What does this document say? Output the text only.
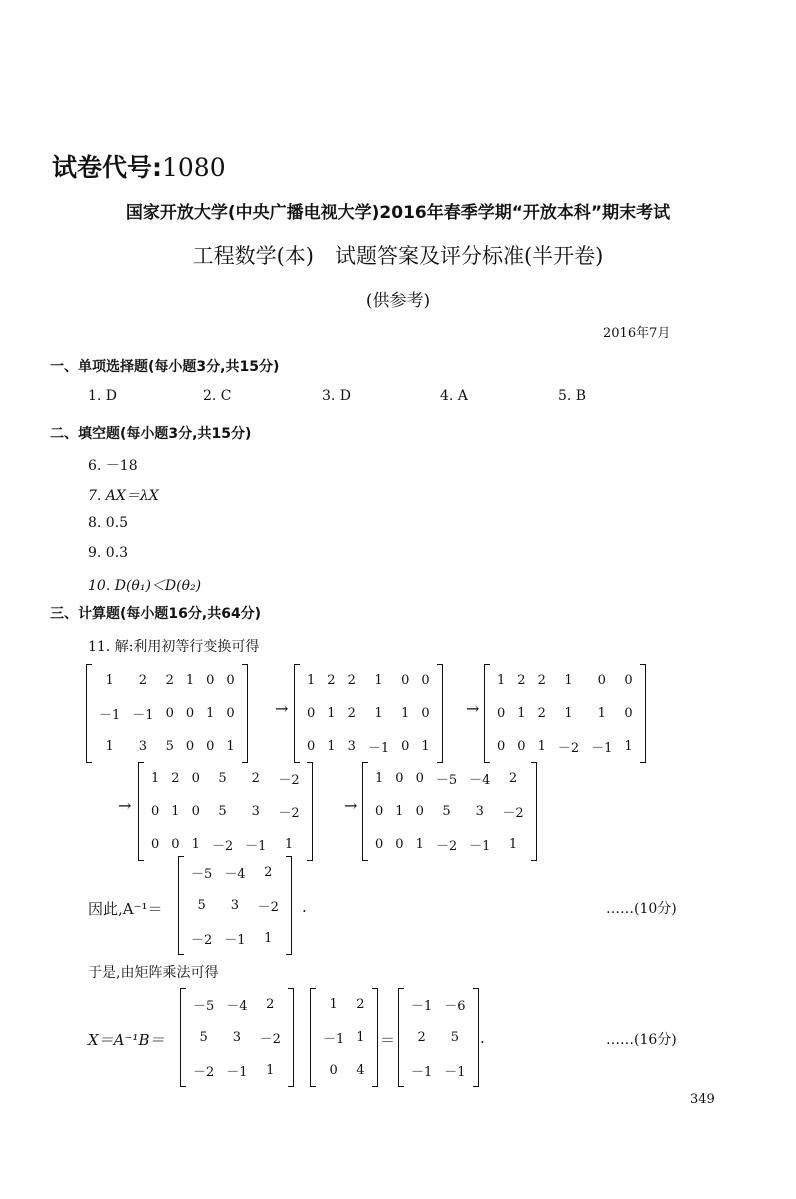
试卷代号:1080
国家开放大学(中央广播电视大学)2016年春季学期“开放本科”期末考试
工程数学(本)　试题答案及评分标准(半开卷)
(供参考)
2016年7月
一、单项选择题(每小题3分,共15分)
1. D	2. C	3. D	4. A	5. B
二、填空题(每小题3分,共15分)
6. －18
7. AX＝λX
8. 0.5
9. 0.3
10. D(θ₁)＜D(θ₂)
三、计算题(每小题16分,共64分)
11. 解:利用初等行变换可得
1	2	2	1	0	0
－1	－1	0	0	1	0
1	3	5	0	0	1
→
1	2	2	1	0	0
0	1	2	1	1	0
0	1	3	－1	0	1
→
1	2	2	1	0	0
0	1	2	1	1	0
0	0	1	－2	－1	1
→
1	2	0	5	2	－2
0	1	0	5	3	－2
0	0	1	－2	－1	1
→
1	0	0	－5	－4	2
0	1	0	5	3	－2
0	0	1	－2	－1	1
因此,A⁻¹＝
－5	－4	2
5	3	－2
－2	－1	1
.	……(10分)
于是,由矩阵乘法可得
X＝A⁻¹B＝
－5	－4	2
5	3	－2
－2	－1	1
1	2
－1	1
0	4
＝
－1	－6
2	5
－1	－1
.	……(16分)
349
